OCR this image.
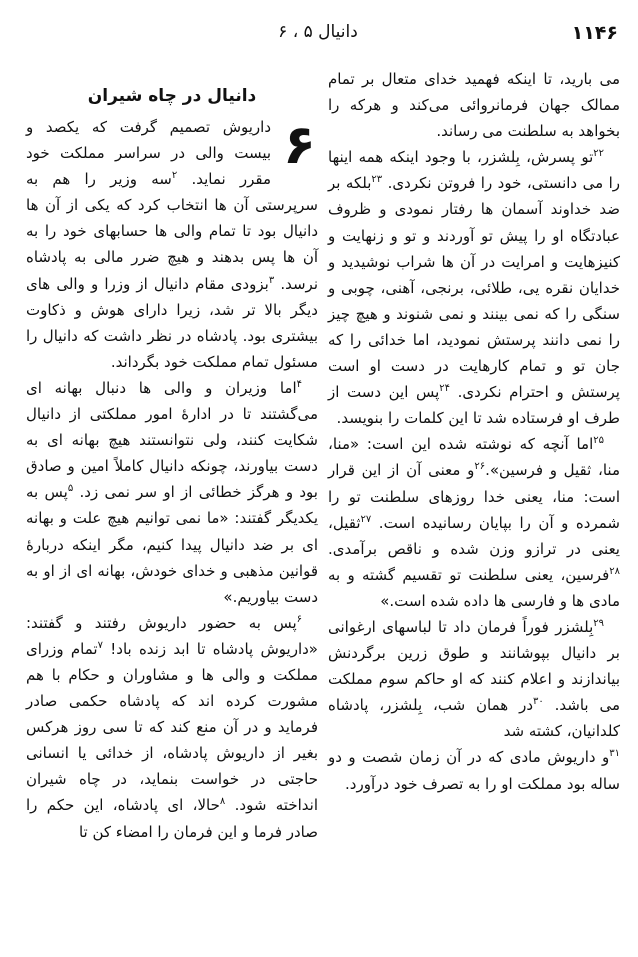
۱۱۴۶
دانیال ۵ ، ۶

می بارید، تا اینکه فهمید خدای متعال بر تمام ممالک جهان فرمانروائی می‌کند و هرکه را بخواهد به سلطنت می رساند.

$^{۲۲}$تو پسرش، بِلشزر، با وجود اینکه همه اینها را می دانستی، خود را فروتن نکردی. $^{۲۳}$بلکه بر ضد خداوند آسمان ها رفتار نمودی و ظروف عبادتگاه او را پیش تو آوردند و تو و زنهایت و کنیزهایت و امرایت در آن ها شراب نوشیدید و خدایان نقره یی، طلائی، برنجی، آهنی، چوبی و سنگی را که نمی بینند و نمی شنوند و هیچ چیز را نمی دانند پرستش نمودید، اما خدائی را که جان تو و تمام کارهایت در دست او است پرستش و احترام نکردی. $^{۲۴}$پس این دست از طرف او فرستاده شد تا این کلمات را بنویسد.

$^{۲۵}$اما آنچه که نوشته شده این است: «منا، منا، ثقیل و فرسین».$^{۲۶}$و معنی آن از این قرار است: منا، یعنی خدا روزهای سلطنت تو را شمرده و آن را بپایان رسانیده است. $^{۲۷}$ثقیل، یعنی در ترازو وزن شده و ناقص برآمدی. $^{۲۸}$فرسین، یعنی سلطنت تو تقسیم گشته و به مادی ها و فارسی ها داده شده است.»

$^{۲۹}$بِلشزر فوراً فرمان داد تا لباسهای ارغوانی بر دانیال بپوشانند و طوق زرین برگردنش بیاندازند و اعلام کنند که او حاکم سوم مملکت می باشد. $^{۳۰}$در همان شب، بِلشزر، پادشاه کلدانیان، کشته شد

$^{۳۱}$و داریوش مادی که در آن زمان شصت و دو ساله بود مملکت او را به تصرف خود درآورد.

دانیال در چاه شیران

۶
داریوش تصمیم گرفت که یکصد و بیست والی در سراسر مملکت خود مقرر نماید. $^۲$سه وزیر را هم به سرپرستی آن ها انتخاب کرد که یکی از آن ها دانیال بود تا تمام والی ها حسابهای خود را به آن ها پس بدهند و هیچ ضرر مالی به پادشاه نرسد. $^۳$بزودی مقام دانیال از وزرا و والی های دیگر بالا تر شد، زیرا دارای هوش و ذکاوت بیشتری بود. پادشاه در نظر داشت که دانیال را مسئول تمام مملکت خود بگرداند.

$^۴$اما وزیران و والی ها دنبال بهانه ای می‌گشتند تا در ادارهٔ امور مملکتی از دانیال شکایت کنند، ولی نتوانستند هیچ بهانه ای به دست بیاورند، چونکه دانیال کاملاً امین و صادق بود و هرگز خطائی از او سر نمی زد. $^۵$پس به یکدیگر گفتند: «ما نمی توانیم هیچ علت و بهانه ای بر ضد دانیال پیدا کنیم، مگر اینکه دربارهٔ قوانین مذهبی و خدای خودش، بهانه ای از او به دست بیاوریم.»

$^۶$پس به حضور داریوش رفتند و گفتند: «داریوش پادشاه تا ابد زنده باد! $^۷$تمام وزرای مملکت و والی ها و مشاوران و حکام با هم مشورت کرده اند که پادشاه حکمی صادر فرماید و در آن منع کند که تا سی روز هرکس بغیر از داریوش پادشاه، از خدائی یا انسانی حاجتی در خواست بنماید، در چاه شیران انداخته شود. $^۸$حالا، ای پادشاه، این حکم را صادر فرما و این فرمان را امضاء کن تا
